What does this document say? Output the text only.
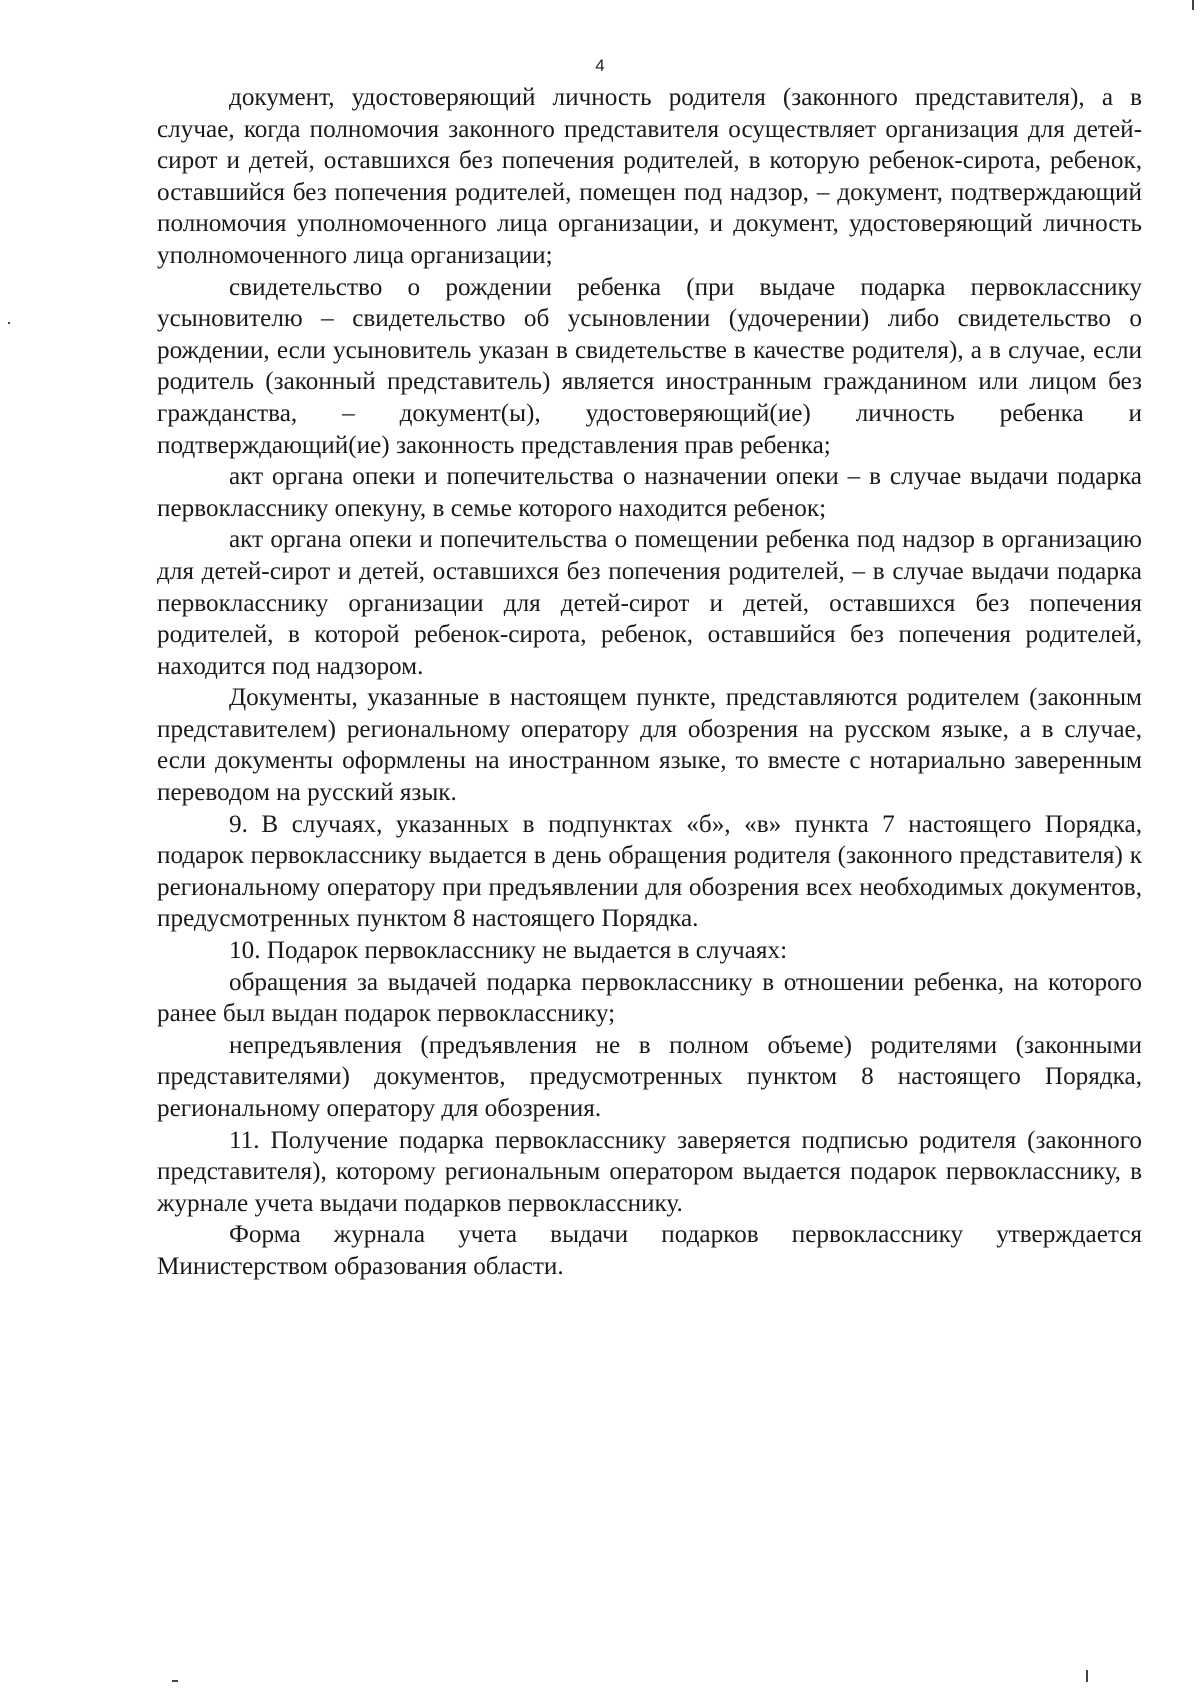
4

документ, удостоверяющий личность родителя (законного представителя), а в случае, когда полномочия законного представителя осуществляет организация для детей-сирот и детей, оставшихся без попечения родителей, в которую ребенок-сирота, ребенок, оставшийся без попечения родителей, помещен под надзор, – документ, подтверждающий полномочия уполномоченного лица организации, и документ, удостоверяющий личность уполномоченного лица организации;

свидетельство о рождении ребенка (при выдаче подарка первокласснику усыновителю – свидетельство об усыновлении (удочерении) либо свидетельство о рождении, если усыновитель указан в свидетельстве в качестве родителя), а в случае, если родитель (законный представитель) является иностранным гражданином или лицом без гражданства, – документ(ы), удостоверяющий(ие) личность ребенка и подтверждающий(ие) законность представления прав ребенка;

акт органа опеки и попечительства о назначении опеки – в случае выдачи подарка первокласснику опекуну, в семье которого находится ребенок;

акт органа опеки и попечительства о помещении ребенка под надзор в организацию для детей-сирот и детей, оставшихся без попечения родителей, – в случае выдачи подарка первокласснику организации для детей-сирот и детей, оставшихся без попечения родителей, в которой ребенок-сирота, ребенок, оставшийся без попечения родителей, находится под надзором.

Документы, указанные в настоящем пункте, представляются родителем (законным представителем) региональному оператору для обозрения на русском языке, а в случае, если документы оформлены на иностранном языке, то вместе с нотариально заверенным переводом на русский язык.

9. В случаях, указанных в подпунктах «б», «в» пункта 7 настоящего Порядка, подарок первокласснику выдается в день обращения родителя (законного представителя) к региональному оператору при предъявлении для обозрения всех необходимых документов, предусмотренных пунктом 8 настоящего Порядка.

10. Подарок первокласснику не выдается в случаях:

обращения за выдачей подарка первокласснику в отношении ребенка, на которого ранее был выдан подарок первокласснику;

непредъявления (предъявления не в полном объеме) родителями (законными представителями) документов, предусмотренных пунктом 8 настоящего Порядка, региональному оператору для обозрения.

11. Получение подарка первокласснику заверяется подписью родителя (законного представителя), которому региональным оператором выдается подарок первокласснику, в журнале учета выдачи подарков первокласснику.

Форма журнала учета выдачи подарков первокласснику утверждается Министерством образования области.
